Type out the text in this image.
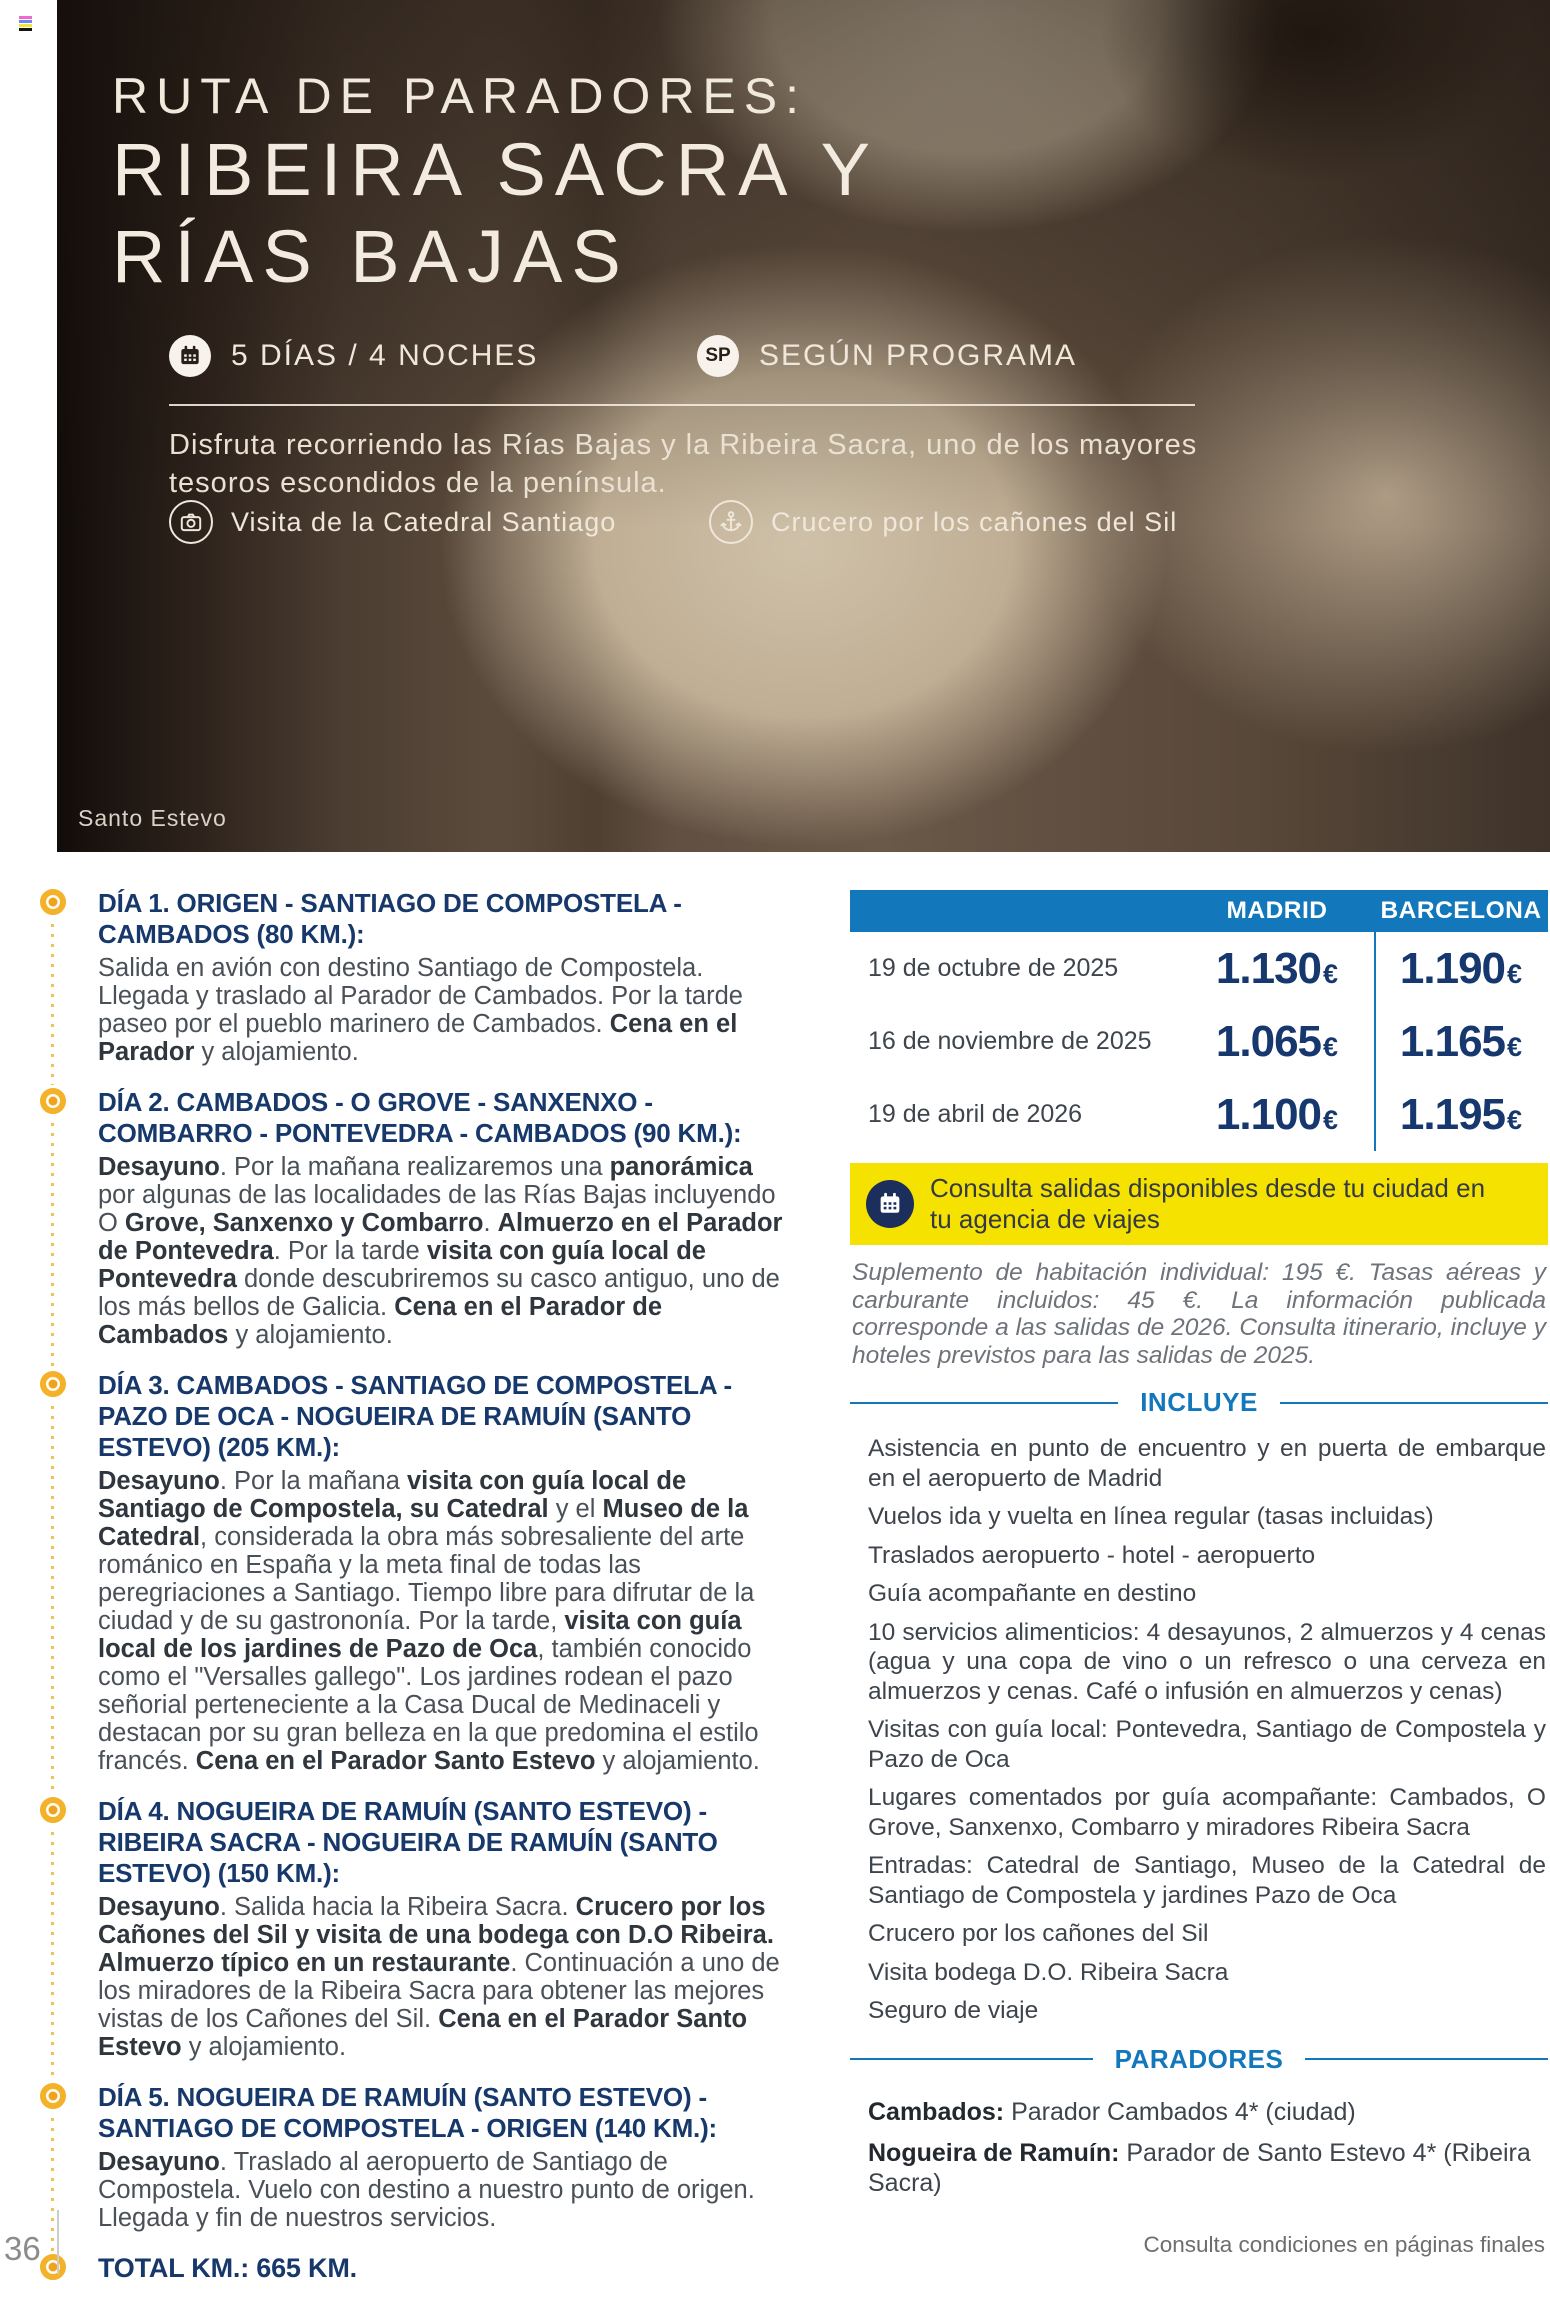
RUTA DE PARADORES:
RIBEIRA SACRA Y
RÍAS BAJAS
5 DÍAS / 4 NOCHES	SP SEGÚN PROGRAMA
Disfruta recorriendo las Rías Bajas y la Ribeira Sacra, uno de los mayores tesoros escondidos de la península.
Visita de la Catedral Santiago	Crucero por los cañones del Sil
Santo Estevo
DÍA 1. ORIGEN - SANTIAGO DE COMPOSTELA - CAMBADOS (80 KM.):

Salida en avión con destino Santiago de Compostela. Llegada y traslado al Parador de Cambados. Por la tarde paseo por el pueblo marinero de Cambados. Cena en el Parador y alojamiento.

DÍA 2. CAMBADOS - O GROVE - SANXENXO - COMBARRO - PONTEVEDRA - CAMBADOS (90 KM.):

Desayuno. Por la mañana realizaremos una panorámica por algunas de las localidades de las Rías Bajas incluyendo O Grove, Sanxenxo y Combarro. Almuerzo en el Parador de Pontevedra. Por la tarde visita con guía local de Pontevedra donde descubriremos su casco antiguo, uno de los más bellos de Galicia. Cena en el Parador de Cambados y alojamiento.

DÍA 3. CAMBADOS - SANTIAGO DE COMPOSTELA - PAZO DE OCA - NOGUEIRA DE RAMUÍN (SANTO ESTEVO) (205 KM.):

Desayuno. Por la mañana visita con guía local de Santiago de Compostela, su Catedral y el Museo de la Catedral, considerada la obra más sobresaliente del arte románico en España y la meta final de todas las peregriaciones a Santiago. Tiempo libre para difrutar de la ciudad y de su gastrononía. Por la tarde, visita con guía local de los jardines de Pazo de Oca, también conocido como el "Versalles gallego". Los jardines rodean el pazo señorial perteneciente a la Casa Ducal de Medinaceli y destacan por su gran belleza en la que predomina el estilo francés. Cena en el Parador Santo Estevo y alojamiento.

DÍA 4. NOGUEIRA DE RAMUÍN (SANTO ESTEVO) - RIBEIRA SACRA - NOGUEIRA DE RAMUÍN (SANTO ESTEVO) (150 KM.):

Desayuno. Salida hacia la Ribeira Sacra. Crucero por los Cañones del Sil y visita de una bodega con D.O Ribeira. Almuerzo típico en un restaurante. Continuación a uno de los miradores de la Ribeira Sacra para obtener las mejores vistas de los Cañones del Sil. Cena en el Parador Santo Estevo y alojamiento.

DÍA 5. NOGUEIRA DE RAMUÍN (SANTO ESTEVO) - SANTIAGO DE COMPOSTELA - ORIGEN (140 KM.):

Desayuno. Traslado al aeropuerto de Santiago de Compostela. Vuelo con destino a nuestro punto de origen. Llegada y fin de nuestros servicios.

TOTAL KM.: 665 KM.
MADRID	BARCELONA
19 de octubre de 2025	1.130€	1.190€
16 de noviembre de 2025	1.065€	1.165€
19 de abril de 2026	1.100€	1.195€
Consulta salidas disponibles desde tu ciudad en tu agencia de viajes
Suplemento de habitación individual: 195 €. Tasas aéreas y carburante incluidos: 45 €. La información publicada corresponde a las salidas de 2026. Consulta itinerario, incluye y hoteles previstos para las salidas de 2025.
INCLUYE
Asistencia en punto de encuentro y en puerta de embarque en el aeropuerto de Madrid
Vuelos ida y vuelta en línea regular (tasas incluidas)
Traslados aeropuerto - hotel - aeropuerto
Guía acompañante en destino
10 servicios alimenticios: 4 desayunos, 2 almuerzos y 4 cenas (agua y una copa de vino o un refresco o una cerveza en almuerzos y cenas. Café o infusión en almuerzos y cenas)
Visitas con guía local: Pontevedra, Santiago de Compostela y Pazo de Oca
Lugares comentados por guía acompañante: Cambados, O Grove, Sanxenxo, Combarro y miradores Ribeira Sacra
Entradas: Catedral de Santiago, Museo de la Catedral de Santiago de Compostela y jardines Pazo de Oca
Crucero por los cañones del Sil
Visita bodega D.O. Ribeira Sacra
Seguro de viaje
PARADORES
Cambados: Parador Cambados 4* (ciudad)
Nogueira de Ramuín: Parador de Santo Estevo 4* (Ribeira Sacra)
36	Consulta condiciones en páginas finales
